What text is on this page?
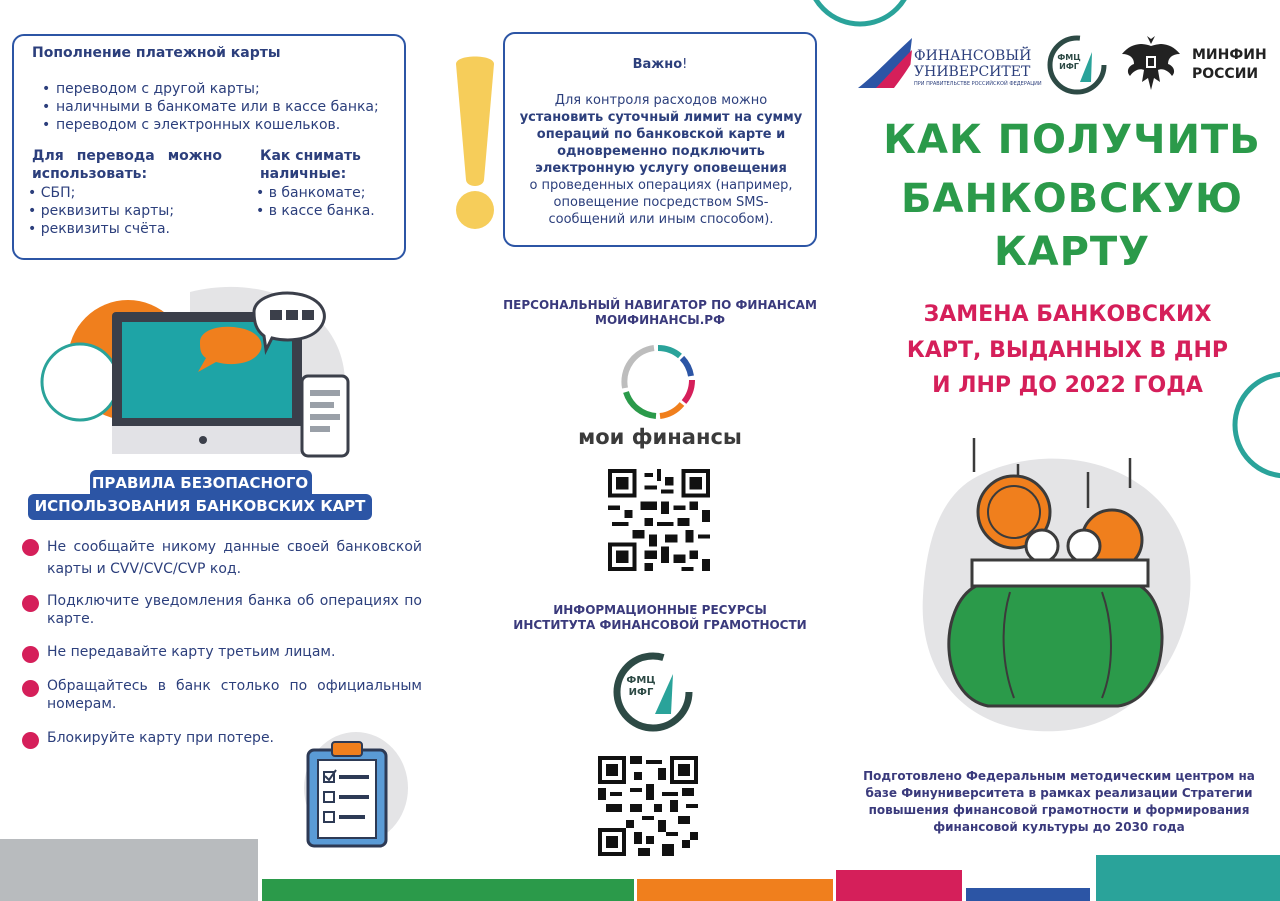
Пополнение платежной карты
• переводом с другой карты;
• наличными в банкомате или в кассе банка;
• переводом с электронных кошельков.
Для перевода можно использовать:
• СБП;
• реквизиты карты;
• реквизиты счёта.
Как снимать наличные:
• в банкомате;
• в кассе банка.
ПРАВИЛА БЕЗОПАСНОГО
ИСПОЛЬЗОВАНИЯ БАНКОВСКИХ КАРТ
Не сообщайте никому данные своей банковской карты и CVV/CVC/CVP код.
Подключите уведомления банка об операциях по карте.
Не передавайте карту третьим лицам.
Обращайтесь в банк столько по официальным номерам.
Блокируйте карту при потере.
Важно!
Для контроля расходов можно
установить суточный лимит на сумму операций по банковской карте и одновременно подключить электронную услугу оповещения
о проведенных операциях (например, оповещение посредством SMS-сообщений или иным способом).
ПЕРСОНАЛЬНЫЙ НАВИГАТОР ПО ФИНАНСАМ
МОИФИНАНСЫ.РФ
мои финансы
ИНФОРМАЦИОННЫЕ РЕСУРСЫ
ИНСТИТУТА ФИНАНСОВОЙ ГРАМОТНОСТИ
ФМЦ
ИФГ
ФИНАНСОВЫЙ
УНИВЕРСИТЕТ
ПРИ ПРАВИТЕЛЬСТВЕ РОССИЙСКОЙ ФЕДЕРАЦИИ
ФМЦ
ИФГ
МИНФИН
РОССИИ
КАК ПОЛУЧИТЬ
БАНКОВСКУЮ
КАРТУ
ЗАМЕНА БАНКОВСКИХ
КАРТ, ВЫДАННЫХ В ДНР
И ЛНР ДО 2022 ГОДА
Подготовлено Федеральным методическим центром на базе Финуниверситета в рамках реализации Стратегии повышения финансовой грамотности и формирования финансовой культуры до 2030 года
